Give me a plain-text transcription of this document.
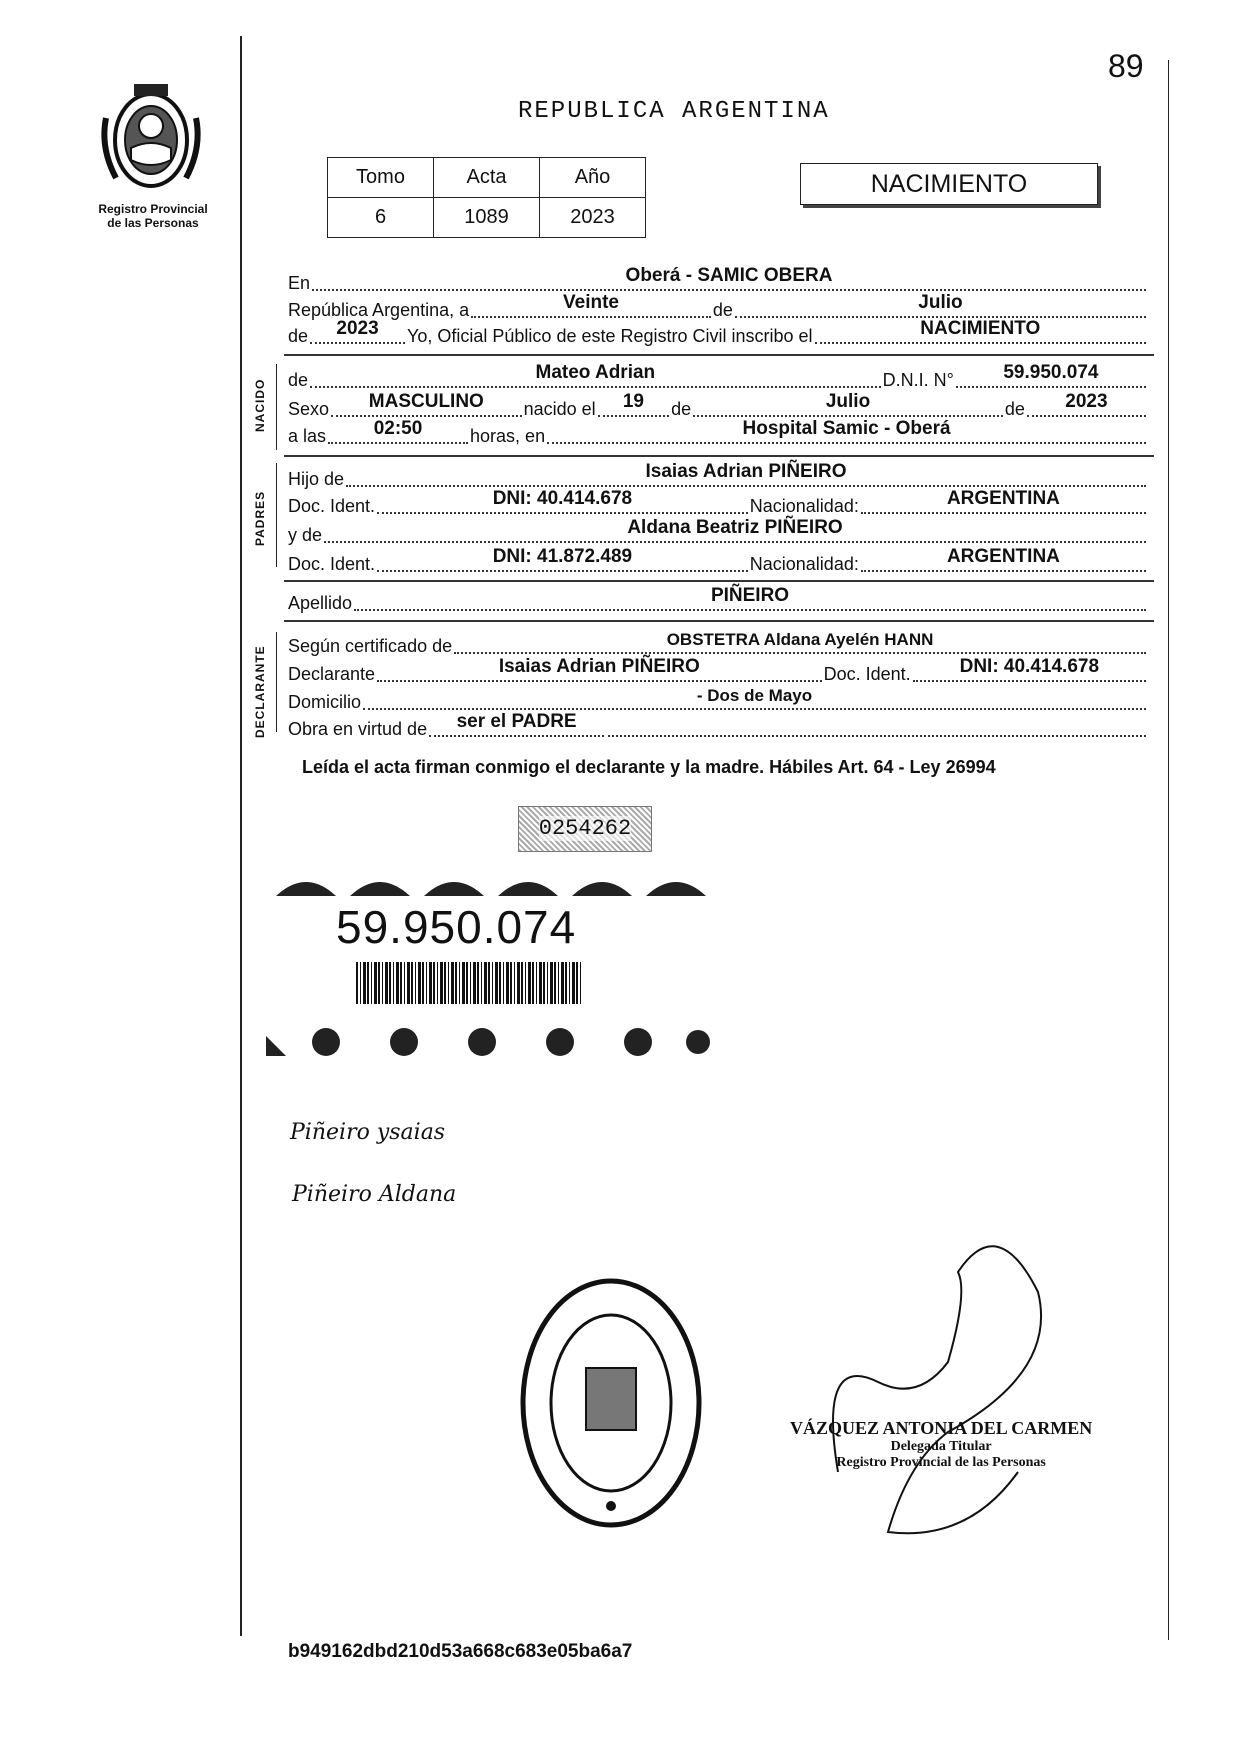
Registro Provincial
de las Personas
89
REPUBLICA ARGENTINA
Tomo	Acta	Año
6	1089	2023
NACIMIENTO
En	Oberá - SAMIC OBERA
República Argentina, a	Veinte	de	Julio
de	2023	Yo, Oficial Público de este Registro Civil inscribo el	NACIMIENTO
NACIDO de	Mateo Adrian	D.N.I. N°	59.950.074
Sexo	MASCULINO	nacido el	19	de	Julio	de	2023
a las	02:50	horas, en	Hospital Samic - Oberá
PADRES
Hijo de	Isaias Adrian PIÑEIRO
Doc. Ident.	DNI: 40.414.678	Nacionalidad:	ARGENTINA
y de	Aldana Beatriz PIÑEIRO
Doc. Ident.	DNI: 41.872.489	Nacionalidad:	ARGENTINA
Apellido	PIÑEIRO
DECLARANTE Según certificado de	OBSTETRA Aldana Ayelén HANN
Declarante	Isaias Adrian PIÑEIRO	Doc. Ident.	DNI: 40.414.678
Domicilio	- Dos de Mayo
Obra en virtud de	ser el PADRE
Leída el acta firman conmigo el declarante y la madre. Hábiles Art. 64 - Ley 26994
0254262
59.950.074
Piñeiro ysaias
Piñeiro Aldana
VÁZQUEZ ANTONIA DEL CARMEN
Delegada Titular
Registro Provincial de las Personas
b949162dbd210d53a668c683e05ba6a7
